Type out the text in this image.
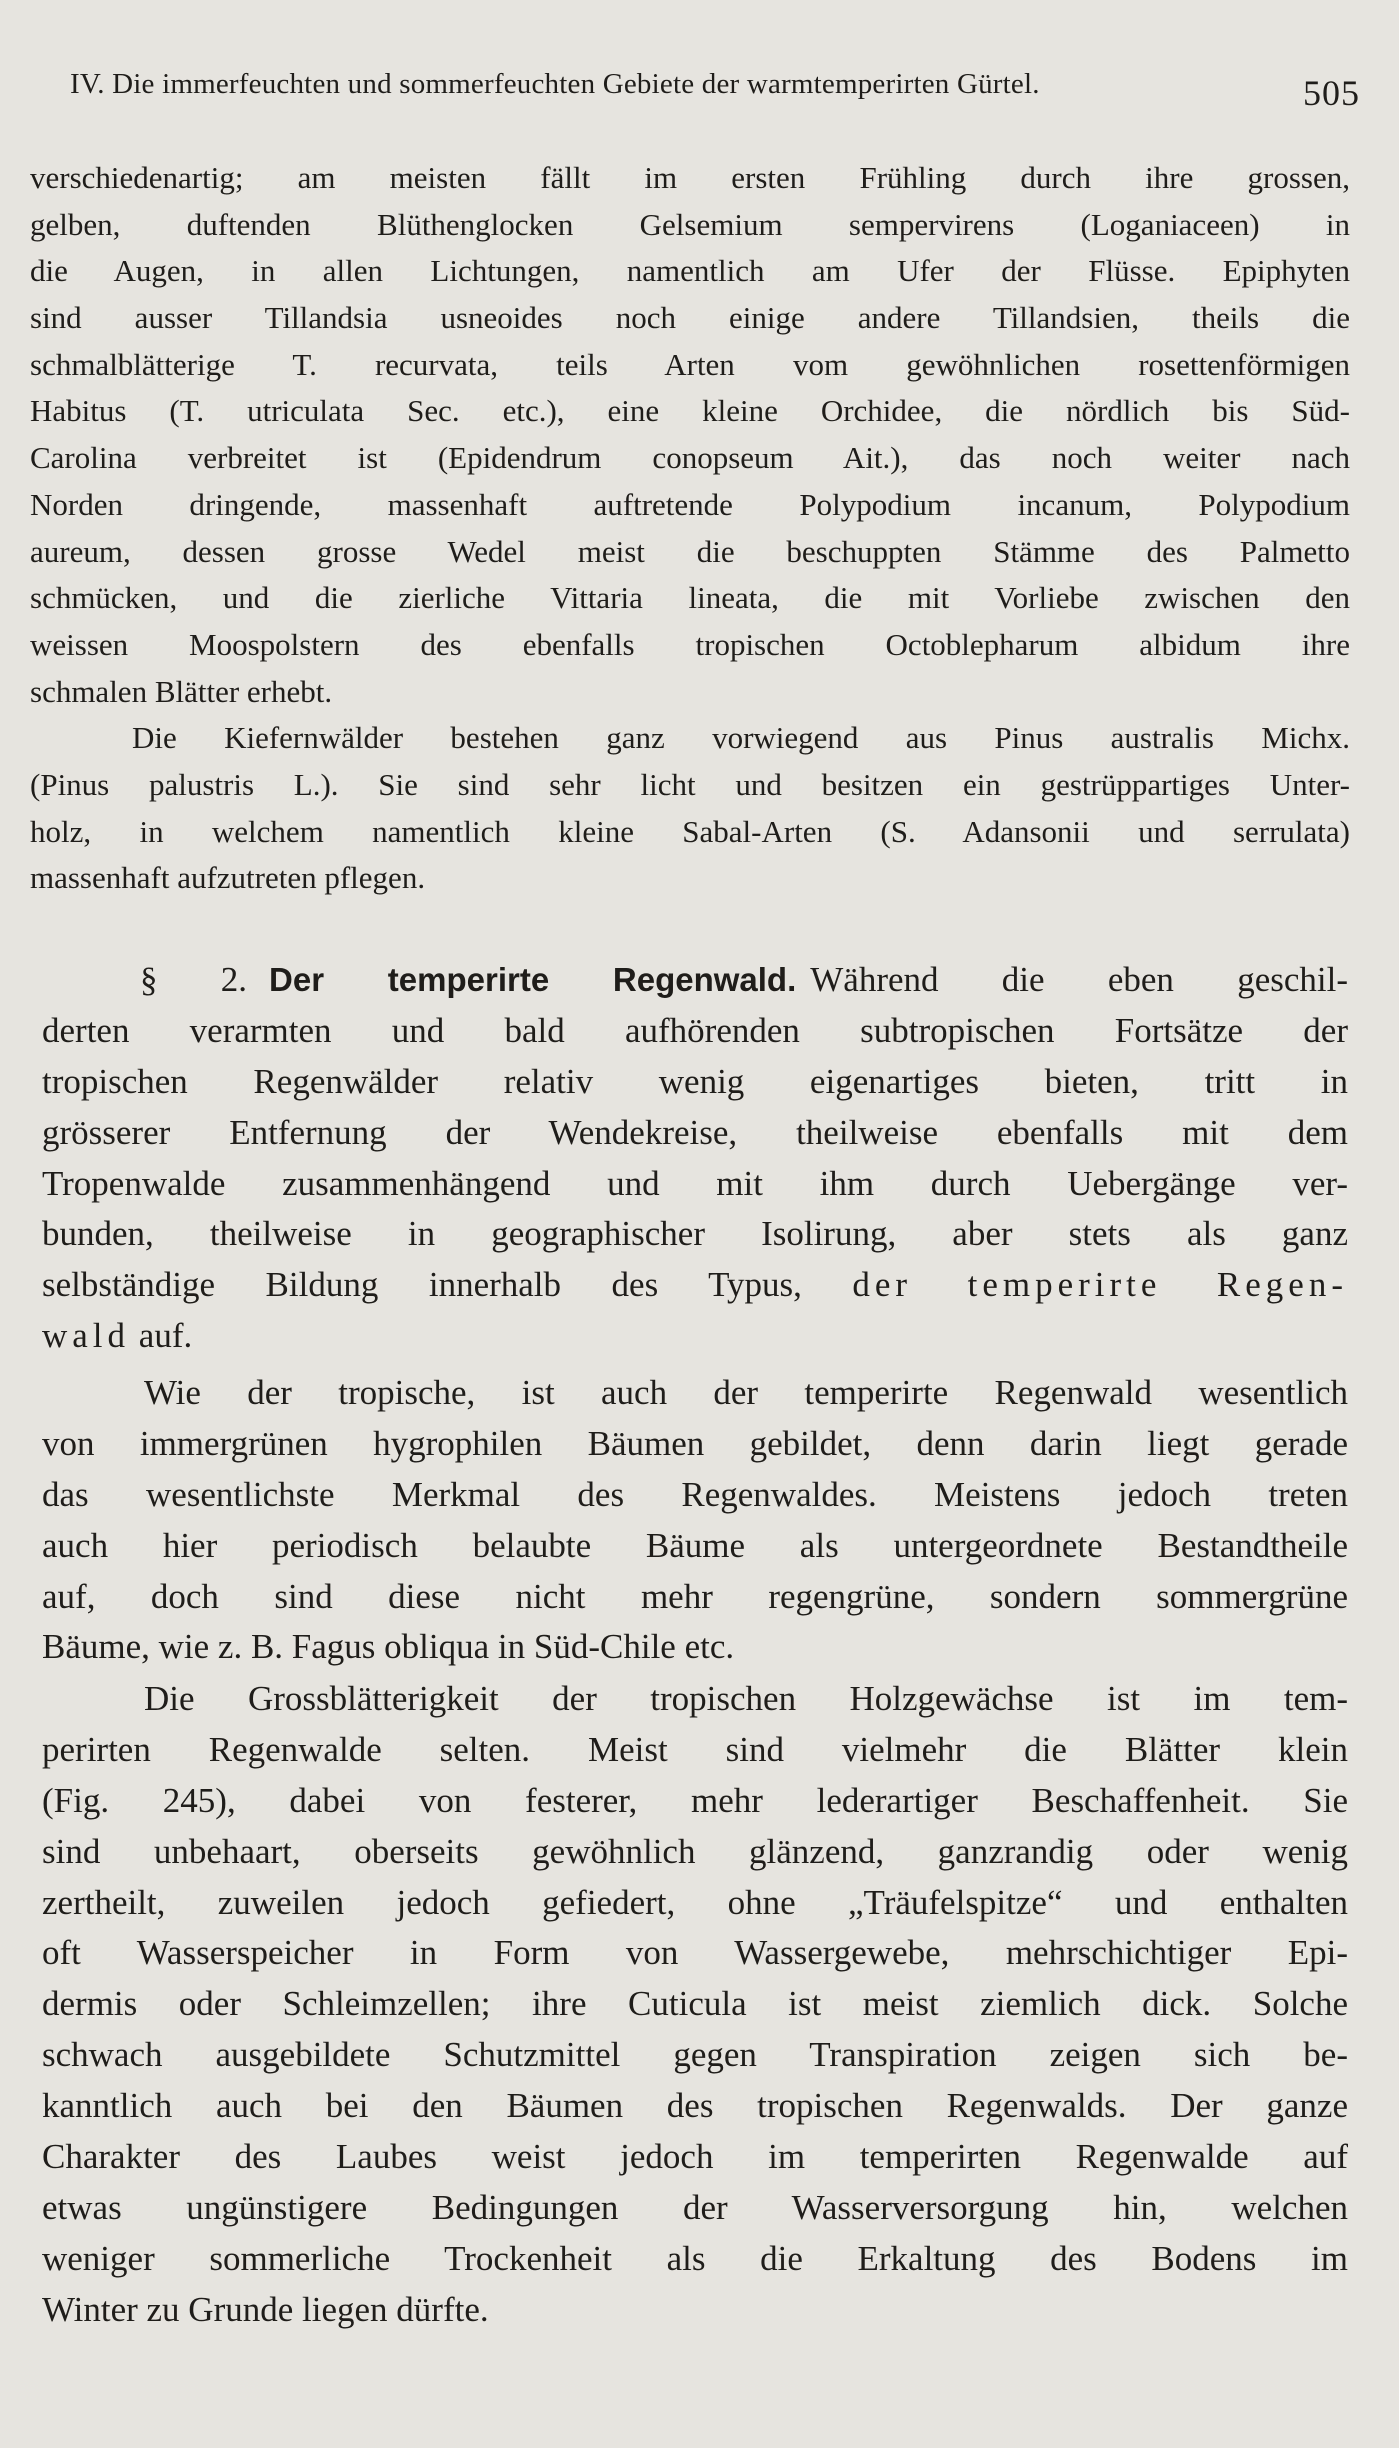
IV. Die immerfeuchten und sommerfeuchten Gebiete der warmtemperirten Gürtel.	505
verschiedenartig; am meisten fällt im ersten Frühling durch ihre grossen,
gelben, duftenden Blüthenglocken Gelsemium sempervirens (Loganiaceen) in
die Augen, in allen Lichtungen, namentlich am Ufer der Flüsse. Epiphyten
sind ausser Tillandsia usneoides noch einige andere Tillandsien, theils die
schmalblätterige T. recurvata, teils Arten vom gewöhnlichen rosettenförmigen
Habitus (T. utriculata Sec. etc.), eine kleine Orchidee, die nördlich bis Süd-
Carolina verbreitet ist (Epidendrum conopseum Ait.), das noch weiter nach
Norden dringende, massenhaft auftretende Polypodium incanum, Polypodium
aureum, dessen grosse Wedel meist die beschuppten Stämme des Palmetto
schmücken, und die zierliche Vittaria lineata, die mit Vorliebe zwischen den
weissen Moospolstern des ebenfalls tropischen Octoblepharum albidum ihre
schmalen Blätter erhebt.
Die Kiefernwälder bestehen ganz vorwiegend aus Pinus australis Michx.
(Pinus palustris L.). Sie sind sehr licht und besitzen ein gestrüppartiges Unter-
holz, in welchem namentlich kleine Sabal-Arten (S. Adansonii und serrulata)
massenhaft aufzutreten pflegen.
§ 2. Der temperirte Regenwald. Während die eben geschil-
derten verarmten und bald aufhörenden subtropischen Fortsätze der
tropischen Regenwälder relativ wenig eigenartiges bieten, tritt in
grösserer Entfernung der Wendekreise, theilweise ebenfalls mit dem
Tropenwalde zusammenhängend und mit ihm durch Uebergänge ver-
bunden, theilweise in geographischer Isolirung, aber stets als ganz
selbständige Bildung innerhalb des Typus, der temperirte Regen-
wald auf.
Wie der tropische, ist auch der temperirte Regenwald wesentlich
von immergrünen hygrophilen Bäumen gebildet, denn darin liegt gerade
das wesentlichste Merkmal des Regenwaldes. Meistens jedoch treten
auch hier periodisch belaubte Bäume als untergeordnete Bestandtheile
auf, doch sind diese nicht mehr regengrüne, sondern sommergrüne
Bäume, wie z. B. Fagus obliqua in Süd-Chile etc.
Die Grossblätterigkeit der tropischen Holzgewächse ist im tem-
perirten Regenwalde selten. Meist sind vielmehr die Blätter klein
(Fig. 245), dabei von festerer, mehr lederartiger Beschaffenheit. Sie
sind unbehaart, oberseits gewöhnlich glänzend, ganzrandig oder wenig
zertheilt, zuweilen jedoch gefiedert, ohne „Träufelspitze“ und enthalten
oft Wasserspeicher in Form von Wassergewebe, mehrschichtiger Epi-
dermis oder Schleimzellen; ihre Cuticula ist meist ziemlich dick. Solche
schwach ausgebildete Schutzmittel gegen Transpiration zeigen sich be-
kanntlich auch bei den Bäumen des tropischen Regenwalds. Der ganze
Charakter des Laubes weist jedoch im temperirten Regenwalde auf
etwas ungünstigere Bedingungen der Wasserversorgung hin, welchen
weniger sommerliche Trockenheit als die Erkaltung des Bodens im
Winter zu Grunde liegen dürfte.
